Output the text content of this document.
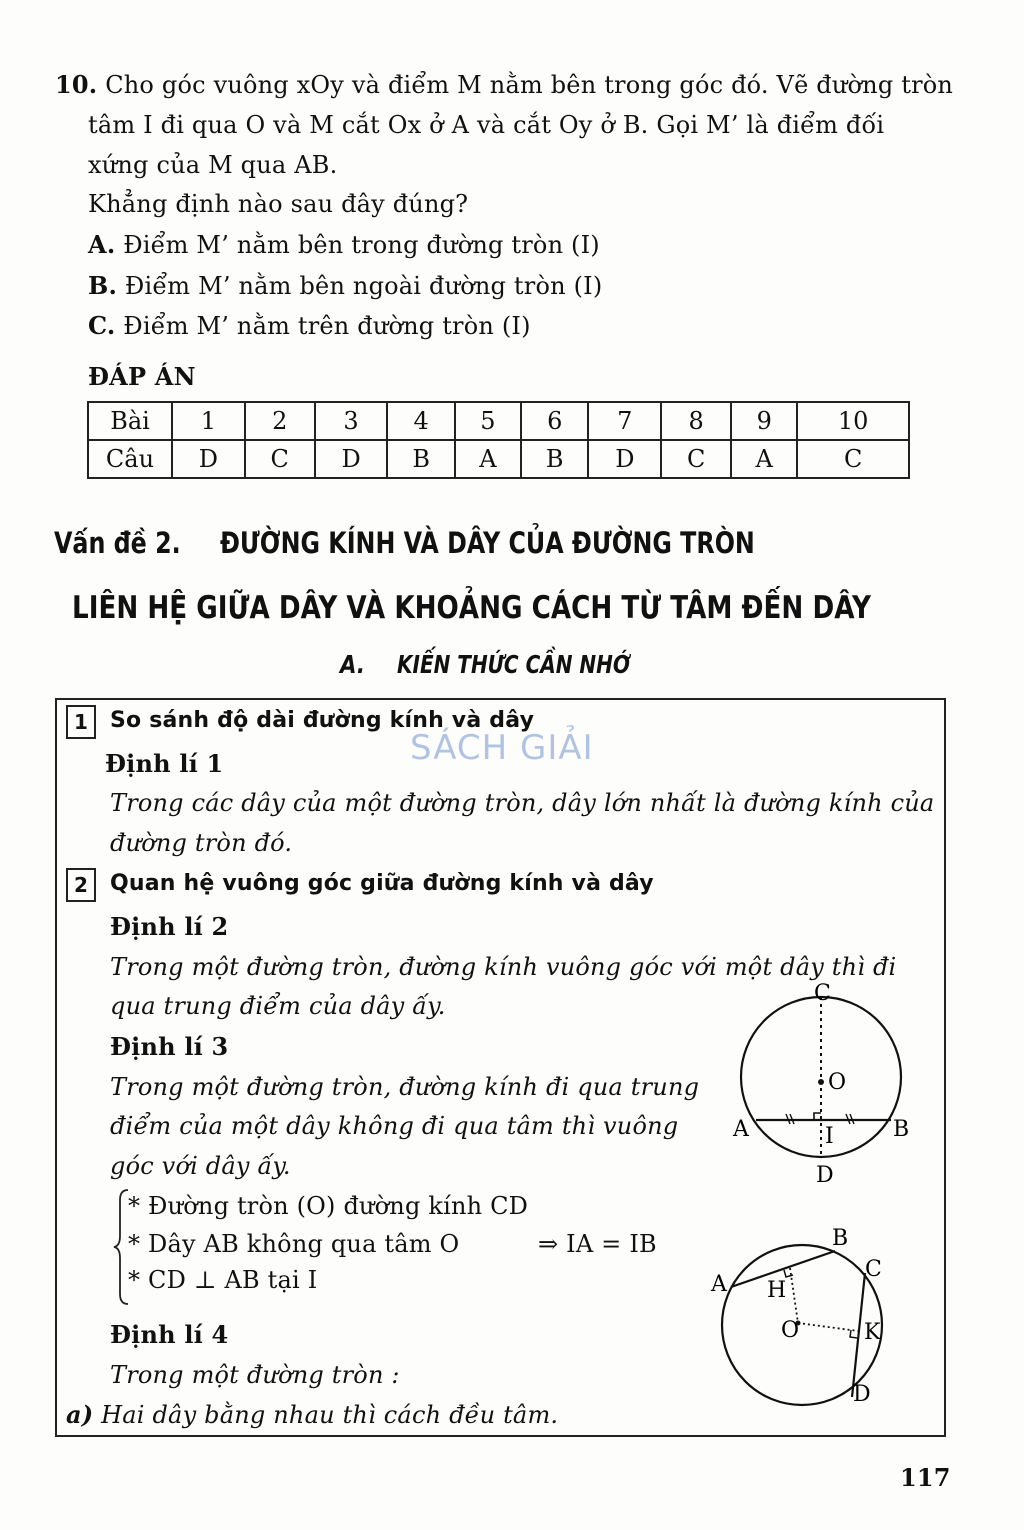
10. Cho góc vuông xOy và điểm M nằm bên trong góc đó. Vẽ đường tròn
tâm I đi qua O và M cắt Ox ở A và cắt Oy ở B. Gọi M’ là điểm đối
xứng của M qua AB.
Khẳng định nào sau đây đúng?
A. Điểm M’ nằm bên trong đường tròn (I)
B. Điểm M’ nằm bên ngoài đường tròn (I)
C. Điểm M’ nằm trên đường tròn (I)
ĐÁP ÁN
Bài	1	2	3	4	5	6	7	8	9	10
Câu	D	C	D	B	A	B	D	C	A	C
Vấn đề 2. ĐƯỜNG KÍNH VÀ DÂY CỦA ĐƯỜNG TRÒN
LIÊN HỆ GIỮA DÂY VÀ KHOẢNG CÁCH TỪ TÂM ĐẾN DÂY
A. KIẾN THỨC CẦN NHỚ
1	So sánh độ dài đường kính và dây
SÁCH GIẢI
Định lí 1
Trong các dây của một đường tròn, dây lớn nhất là đường kính của
đường tròn đó.
2	Quan hệ vuông góc giữa đường kính và dây
Định lí 2
Trong một đường tròn, đường kính vuông góc với một dây thì đi
qua trung điểm của dây ấy.
Định lí 3
Trong một đường tròn, đường kính đi qua trung
điểm của một dây không đi qua tâm thì vuông
góc với dây ấy.
* Đường tròn (O) đường kính CD
* Dây AB không qua tâm O
* CD ⊥ AB tại I
⇒ IA = IB
Định lí 4
Trong một đường tròn :
a) Hai dây bằng nhau thì cách đều tâm.
C
O
A	I	B
D
B
C
A H
O	K
D
117
